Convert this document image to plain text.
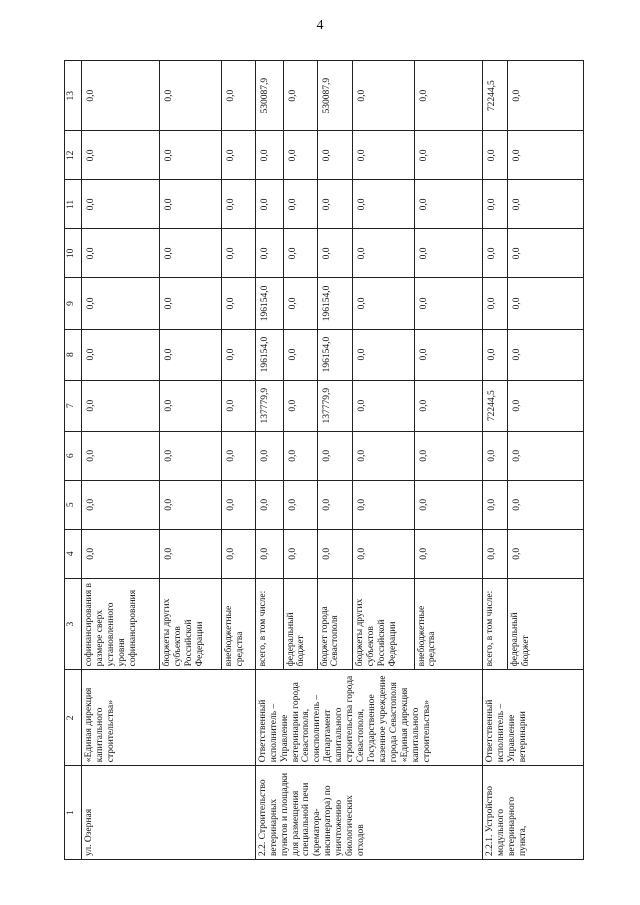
4
1	2	3	4	5	6	7	8	9	10	11	12	13
ул. Озерная	«Единая дирекция капитального строительства»	софинансирования в размере сверх установленного уровня софинансирования	0,0	0,0	0,0	0,0	0,0	0,0	0,0	0,0	0,0	0,0
		бюджеты других субъектов Российской Федерации	0,0	0,0	0,0	0,0	0,0	0,0	0,0	0,0	0,0	0,0
		внебюджетные средства	0,0	0,0	0,0	0,0	0,0	0,0	0,0	0,0	0,0	0,0
2.2. Строительство ветеринарных пунктов и площадки для размещения специальной печи (крематора-инсинератора) по уничтожению биологических отходов	Ответственный исполнитель – Управление ветеринарии города Севастополя, соисполнитель – Департамент капитального строительства города Севастополя, Государственное казенное учреждение города Севастополя «Единая дирекция капитального строительства»	всего, в том числе:	0,0	0,0	0,0	137779,9	196154,0	196154,0	0,0	0,0	0,0	530087,9
		федеральный бюджет	0,0	0,0	0,0	0,0	0,0	0,0	0,0	0,0	0,0	0,0
		бюджет города Севастополя	0,0	0,0	0,0	137779,9	196154,0	196154,0	0,0	0,0	0,0	530087,9
		бюджеты других субъектов Российской Федерации	0,0	0,0	0,0	0,0	0,0	0,0	0,0	0,0	0,0	0,0
		внебюджетные средства	0,0	0,0	0,0	0,0	0,0	0,0	0,0	0,0	0,0	0,0
2.2.1. Устройство модульного ветеринарного пункта,	Ответственный исполнитель – Управление ветеринарии	всего, в том числе:	0,0	0,0	0,0	72244,5	0,0	0,0	0,0	0,0	0,0	72244,5
		федеральный бюджет	0,0	0,0	0,0	0,0	0,0	0,0	0,0	0,0	0,0	0,0
